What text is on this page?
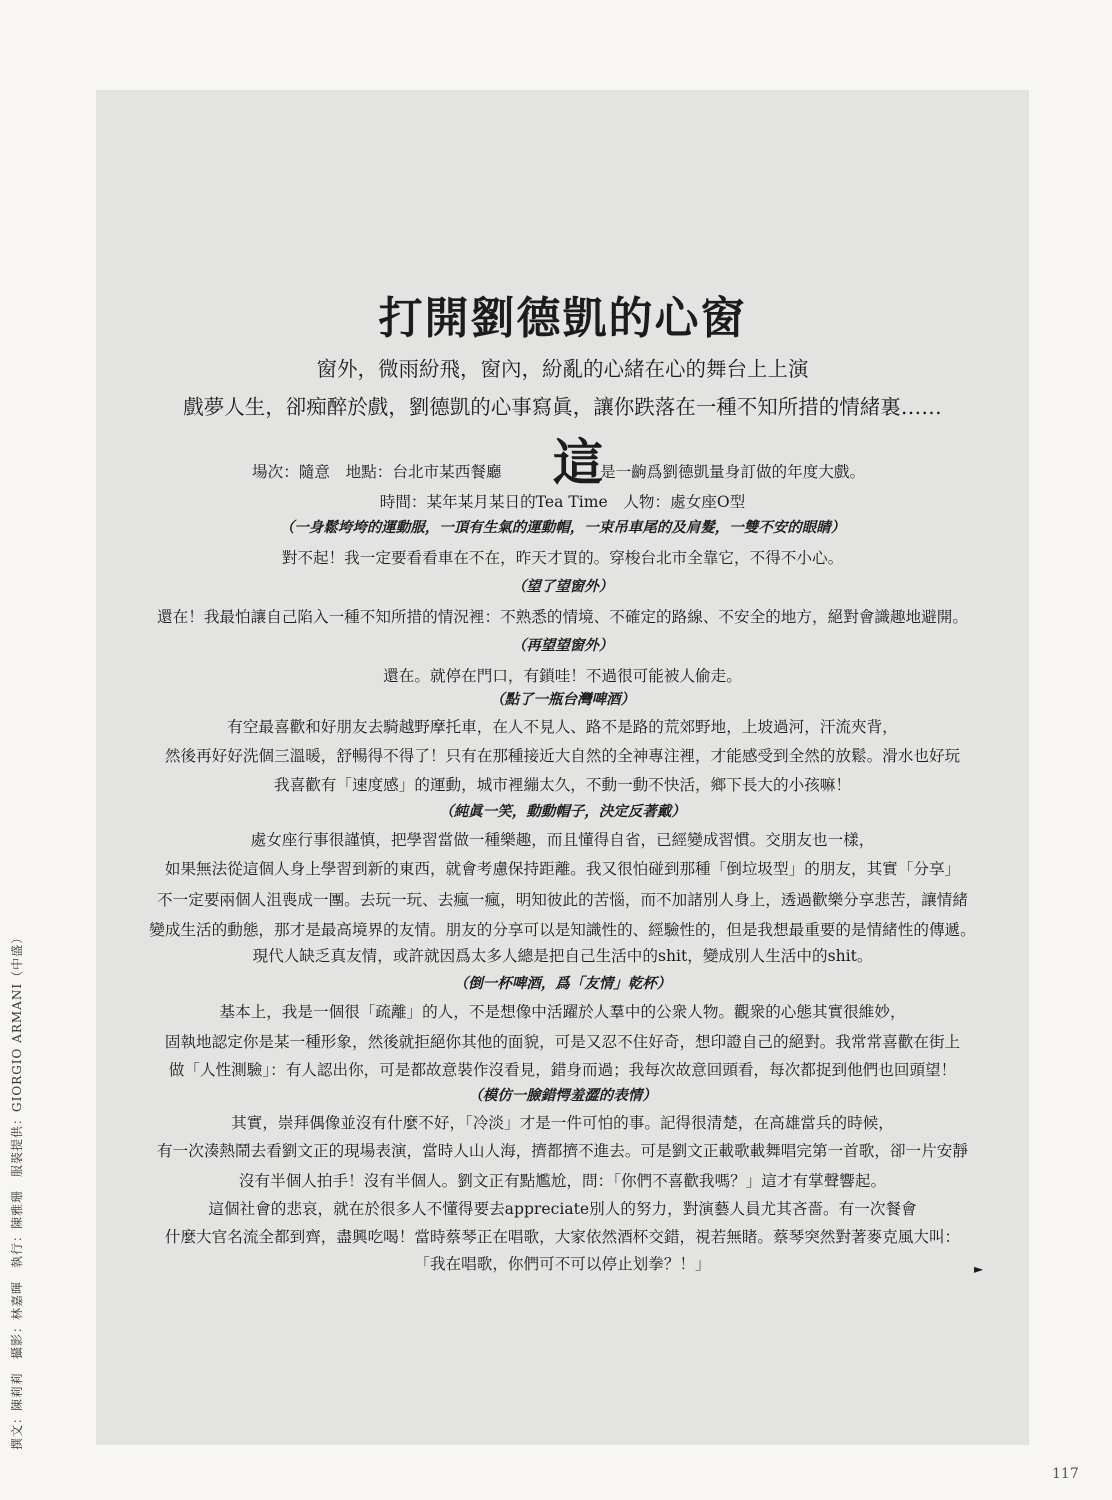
撰文：陳莉莉　攝影：林嘉暉　執行：陳雅珊　服裝提供：GIORGIO ARMANI（中盛）
打開劉德凱的心窗
窗外，微雨紛飛，窗內，紛亂的心緒在心的舞台上上演
戲夢人生，卻痴醉於戲，劉德凱的心事寫眞，讓你跌落在一種不知所措的情緒裏……
場次：隨意　地點：台北市某西餐廳	這
是一齣爲劉德凱量身訂做的年度大戲。
時間：某年某月某日的Tea Time　人物：處女座O型
（一身鬆垮垮的運動服，一頂有生氣的運動帽，一束吊車尾的及肩髮，一雙不安的眼睛）
對不起！我一定要看看車在不在，昨天才買的。穿梭台北市全靠它，不得不小心。
（望了望窗外）
還在！我最怕讓自己陷入一種不知所措的情況裡：不熟悉的情境、不確定的路線、不安全的地方，絕對會識趣地避開。
（再望望窗外）
還在。就停在門口，有鎖哇！不過很可能被人偷走。
（點了一瓶台灣啤酒）
有空最喜歡和好朋友去騎越野摩托車，在人不見人、路不是路的荒郊野地，上坡過河，汗流夾背，
然後再好好洗個三溫暖，舒暢得不得了！只有在那種接近大自然的全神專注裡，才能感受到全然的放鬆。滑水也好玩
我喜歡有「速度感」的運動，城市裡繃太久，不動一動不快活，鄉下長大的小孩嘛！
（純眞一笑，動動帽子，決定反著戴）
處女座行事很謹慎，把學習當做一種樂趣，而且懂得自省，已經變成習慣。交朋友也一樣，
如果無法從這個人身上學習到新的東西，就會考慮保持距離。我又很怕碰到那種「倒垃圾型」的朋友，其實「分享」
不一定要兩個人沮喪成一團。去玩一玩、去瘋一瘋，明知彼此的苦惱，而不加諸別人身上，透過歡樂分享悲苦，讓情緒
變成生活的動態，那才是最高境界的友情。朋友的分享可以是知識性的、經驗性的，但是我想最重要的是情緒性的傳遞。
現代人缺乏真友情，或許就因爲太多人總是把自己生活中的shit，變成別人生活中的shit。
（倒一杯啤酒，爲「友情」乾杯）
基本上，我是一個很「疏離」的人，不是想像中活躍於人羣中的公衆人物。觀衆的心態其實很維妙，
固執地認定你是某一種形象，然後就拒絕你其他的面貌，可是又忍不住好奇，想印證自己的絕對。我常常喜歡在街上
做「人性測驗」：有人認出你，可是都故意裝作沒看見，錯身而過；我每次故意回頭看，每次都捉到他們也回頭望！
（模仿一臉錯愕羞澀的表情）
其實，崇拜偶像並沒有什麼不好，「冷淡」才是一件可怕的事。記得很清楚，在高雄當兵的時候，
有一次湊熱鬧去看劉文正的現場表演，當時人山人海，擠都擠不進去。可是劉文正載歌載舞唱完第一首歌，卻一片安靜
沒有半個人拍手！沒有半個人。劉文正有點尷尬，問：「你們不喜歡我嗎？」這才有掌聲響起。
這個社會的悲哀，就在於很多人不懂得要去appreciate別人的努力，對演藝人員尤其吝嗇。有一次餐會
什麼大官名流全都到齊，盡興吃喝！當時蔡琴正在唱歌，大家依然酒杯交錯，視若無睹。蔡琴突然對著麥克風大叫：
「我在唱歌，你們可不可以停止划拳？！」	►
117
